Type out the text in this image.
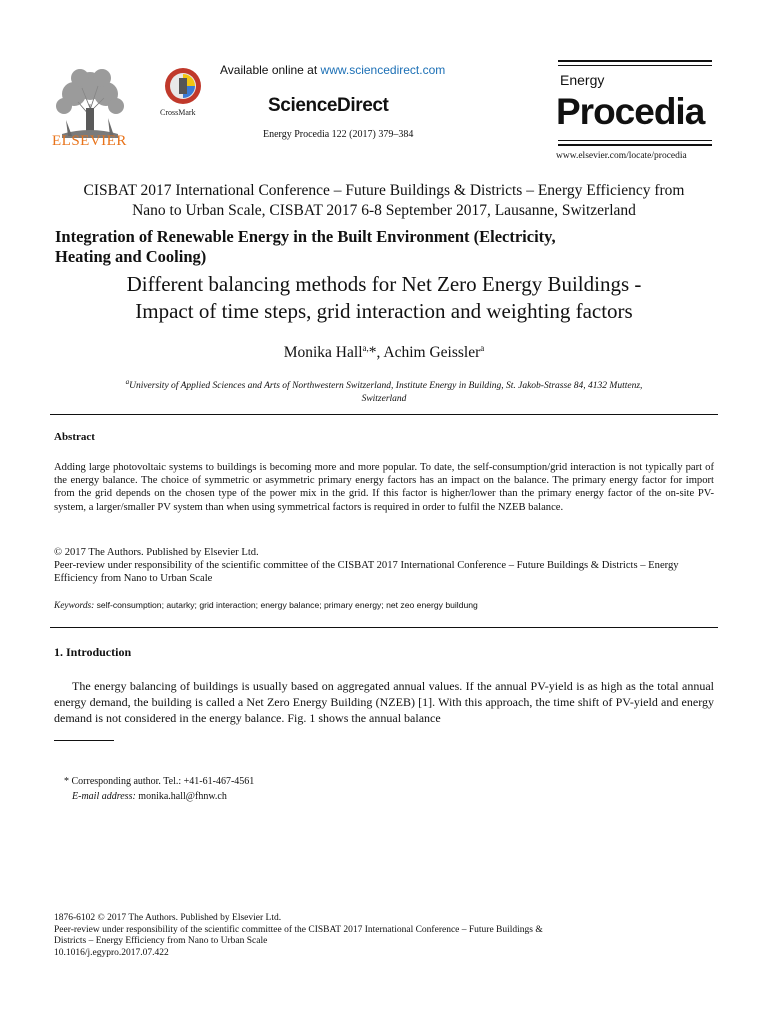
ELSEVIER
CrossMark
Available online at www.sciencedirect.com
ScienceDirect
Energy Procedia 122 (2017) 379–384
Energy
Procedia
www.elsevier.com/locate/procedia
CISBAT 2017 International Conference – Future Buildings & Districts – Energy Efficiency from
Nano to Urban Scale, CISBAT 2017 6-8 September 2017, Lausanne, Switzerland
Integration of Renewable Energy in the Built Environment (Electricity,
Heating and Cooling)
Different balancing methods for Net Zero Energy Buildings -
Impact of time steps, grid interaction and weighting factors
Monika Hall$^{a,}$*, Achim Geissler$^a$
$^a$University of Applied Sciences and Arts of Northwestern Switzerland, Institute Energy in Building, St. Jakob-Strasse 84, 4132 Muttenz,
Switzerland
Abstract
Adding large photovoltaic systems to buildings is becoming more and more popular. To date, the self-consumption/grid interaction is not typically part of the energy balance. The choice of symmetric or asymmetric primary energy factors has an impact on the balance. The primary energy factor for import from the grid depends on the chosen type of the power mix in the grid. If this factor is higher/lower than the primary energy factor of the on-site PV-system, a larger/smaller PV system than when using symmetrical factors is required in order to fulfil the NZEB balance.
© 2017 The Authors. Published by Elsevier Ltd.
Peer-review under responsibility of the scientific committee of the CISBAT 2017 International Conference – Future Buildings & Districts – Energy Efficiency from Nano to Urban Scale
Keywords: self-consumption; autarky; grid interaction; energy balance; primary energy; net zeo energy buildung
1. Introduction

The energy balancing of buildings is usually based on aggregated annual values. If the annual PV-yield is as high as the total annual energy demand, the building is called a Net Zero Energy Building (NZEB) [1]. With this approach, the time shift of PV-yield and energy demand is not considered in the energy balance. Fig. 1 shows the annual balance

* Corresponding author. Tel.: +41-61-467-4561
E-mail address: monika.hall@fhnw.ch
1876-6102 © 2017 The Authors. Published by Elsevier Ltd.
Peer-review under responsibility of the scientific committee of the CISBAT 2017 International Conference – Future Buildings &
Districts – Energy Efficiency from Nano to Urban Scale
10.1016/j.egypro.2017.07.422
